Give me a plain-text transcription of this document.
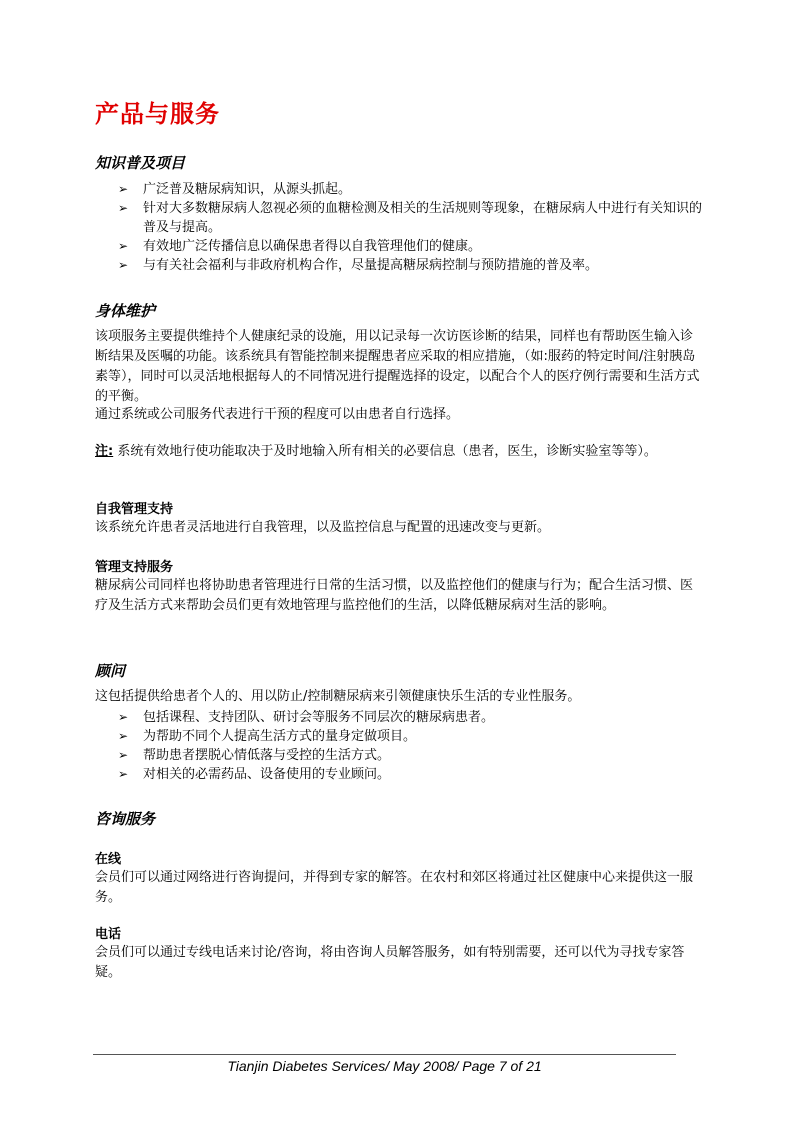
产品与服务
知识普及项目
➢ 广泛普及糖尿病知识，从源头抓起。
➢ 针对大多数糖尿病人忽视必须的血糖检测及相关的生活规则等现象，在糖尿病人中进行有关知识的普及与提高。
➢ 有效地广泛传播信息以确保患者得以自我管理他们的健康。
➢ 与有关社会福利与非政府机构合作，尽量提高糖尿病控制与预防措施的普及率。
身体维护

该项服务主要提供维持个人健康纪录的设施，用以记录每一次访医诊断的结果，同样也有帮助医生输入诊断结果及医嘱的功能。该系统具有智能控制来提醒患者应采取的相应措施，（如:服药的特定时间/注射胰岛素等），同时可以灵活地根据每人的不同情况进行提醒选择的设定，以配合个人的医疗例行需要和生活方式的平衡。

通过系统或公司服务代表进行干预的程度可以由患者自行选择。

注: 系统有效地行使功能取决于及时地输入所有相关的必要信息（患者，医生，诊断实验室等等）。

自我管理支持

该系统允许患者灵活地进行自我管理，以及监控信息与配置的迅速改变与更新。

管理支持服务

糖尿病公司同样也将协助患者管理进行日常的生活习惯，以及监控他们的健康与行为；配合生活习惯、医疗及生活方式来帮助会员们更有效地管理与监控他们的生活，以降低糖尿病对生活的影响。

顾问

这包括提供给患者个人的、用以防止/控制糖尿病来引领健康快乐生活的专业性服务。

➢ 包括课程、支持团队、研讨会等服务不同层次的糖尿病患者。
➢ 为帮助不同个人提高生活方式的量身定做项目。
➢ 帮助患者摆脱心情低落与受控的生活方式。
➢ 对相关的必需药品、设备使用的专业顾问。
咨询服务
在线

会员们可以通过网络进行咨询提问，并得到专家的解答。在农村和郊区将通过社区健康中心来提供这一服务。

电话

会员们可以通过专线电话来讨论/咨询，将由咨询人员解答服务，如有特别需要，还可以代为寻找专家答疑。

Tianjin Diabetes Services/ May 2008/ Page 7 of 21
